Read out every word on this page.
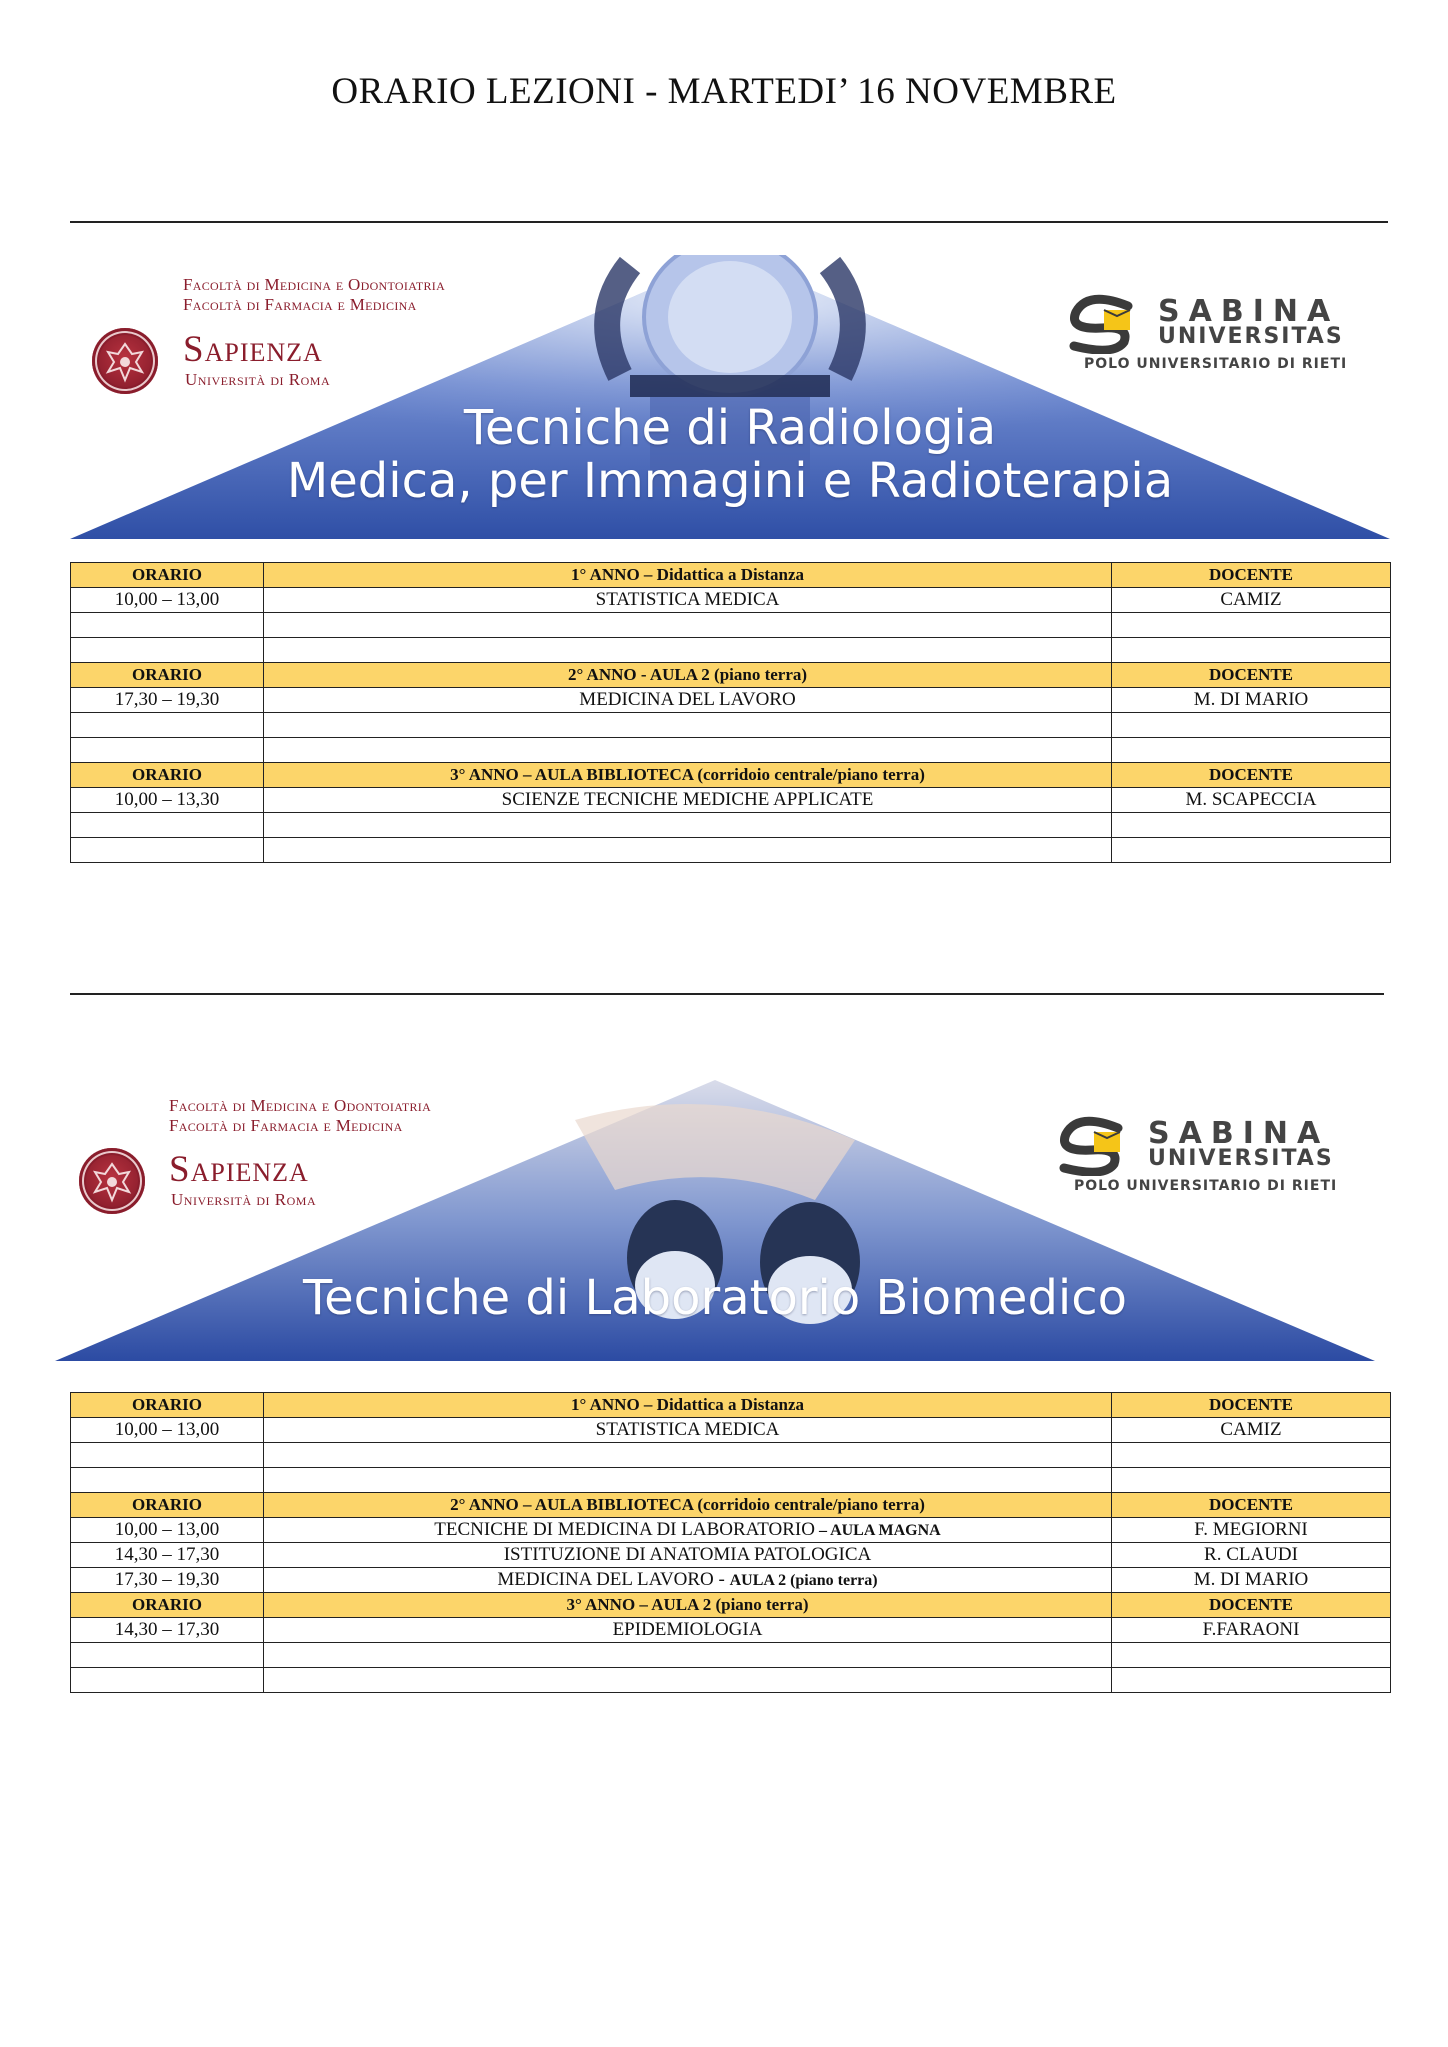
ORARIO LEZIONI - MARTEDI’ 16 NOVEMBRE
Tecniche di Radiologia
Medica, per Immagini e Radioterapia
Facoltà di Medicina e Odontoiatria
Facoltà di Farmacia e Medicina
Sapienza
Università di Roma
SABINA
UNIVERSITAS
POLO UNIVERSITARIO DI RIETI
ORARIO	1° ANNO – Didattica a Distanza	DOCENTE
10,00 – 13,00	STATISTICA MEDICA	CAMIZ

ORARIO	2° ANNO - AULA 2 (piano terra)	DOCENTE
17,30 – 19,30	MEDICINA DEL LAVORO	M. DI MARIO

ORARIO	3° ANNO – AULA BIBLIOTECA (corridoio centrale/piano terra)	DOCENTE
10,00 – 13,30	SCIENZE TECNICHE MEDICHE APPLICATE	M. SCAPECCIA

Tecniche di Laboratorio Biomedico
Facoltà di Medicina e Odontoiatria
Facoltà di Farmacia e Medicina
Sapienza
Università di Roma
SABINA
UNIVERSITAS
POLO UNIVERSITARIO DI RIETI
ORARIO	1° ANNO – Didattica a Distanza	DOCENTE
10,00 – 13,00	STATISTICA MEDICA	CAMIZ

ORARIO	2° ANNO – AULA BIBLIOTECA (corridoio centrale/piano terra)	DOCENTE
10,00 – 13,00	TECNICHE DI MEDICINA DI LABORATORIO – AULA MAGNA	F. MEGIORNI
14,30 – 17,30	ISTITUZIONE DI ANATOMIA PATOLOGICA	R. CLAUDI
17,30 – 19,30	MEDICINA DEL LAVORO - AULA 2 (piano terra)	M. DI MARIO
ORARIO	3° ANNO – AULA 2 (piano terra)	DOCENTE
14,30 – 17,30	EPIDEMIOLOGIA	F.FARAONI
